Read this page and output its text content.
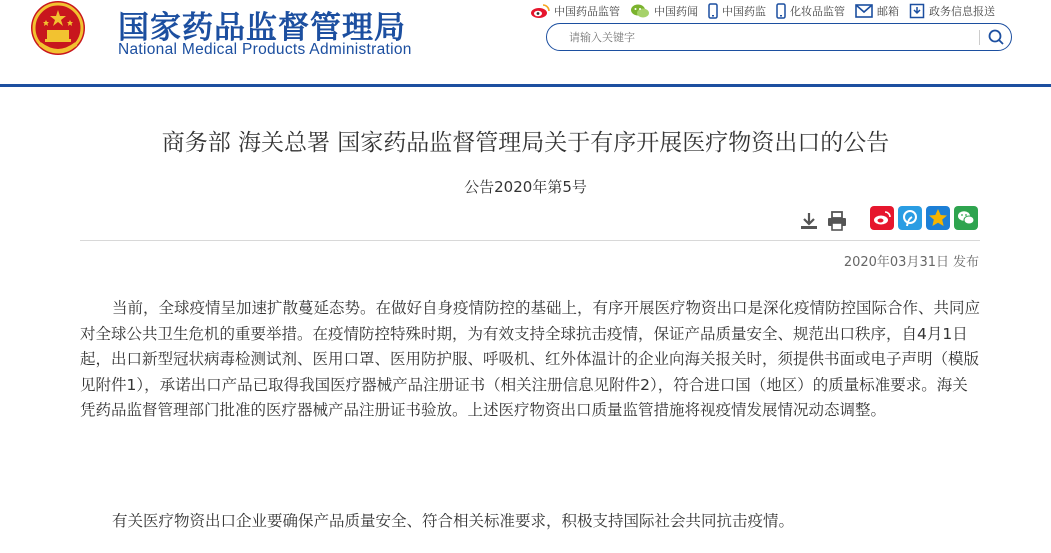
国家药品监督管理局
National Medical Products Administration
中国药品监管	中国药闻 中国药监 化妆品监管	邮箱	政务信息报送
请输入关键字
商务部 海关总署 国家药品监督管理局关于有序开展医疗物资出口的公告
公告2020年第5号
2020年03月31日 发布

当前，全球疫情呈加速扩散蔓延态势。在做好自身疫情防控的基础上，有序开展医疗物资出口是深化疫情防控国际合作、共同应对全球公共卫生危机的重要举措。在疫情防控特殊时期，为有效支持全球抗击疫情，保证产品质量安全、规范出口秩序，自4月1日起，出口新型冠状病毒检测试剂、医用口罩、医用防护服、呼吸机、红外体温计的企业向海关报关时，须提供书面或电子声明（模版见附件1），承诺出口产品已取得我国医疗器械产品注册证书（相关注册信息见附件2），符合进口国（地区）的质量标准要求。海关凭药品监督管理部门批准的医疗器械产品注册证书验放。上述医疗物资出口质量监管措施将视疫情发展情况动态调整。

有关医疗物资出口企业要确保产品质量安全、符合相关标准要求，积极支持国际社会共同抗击疫情。
